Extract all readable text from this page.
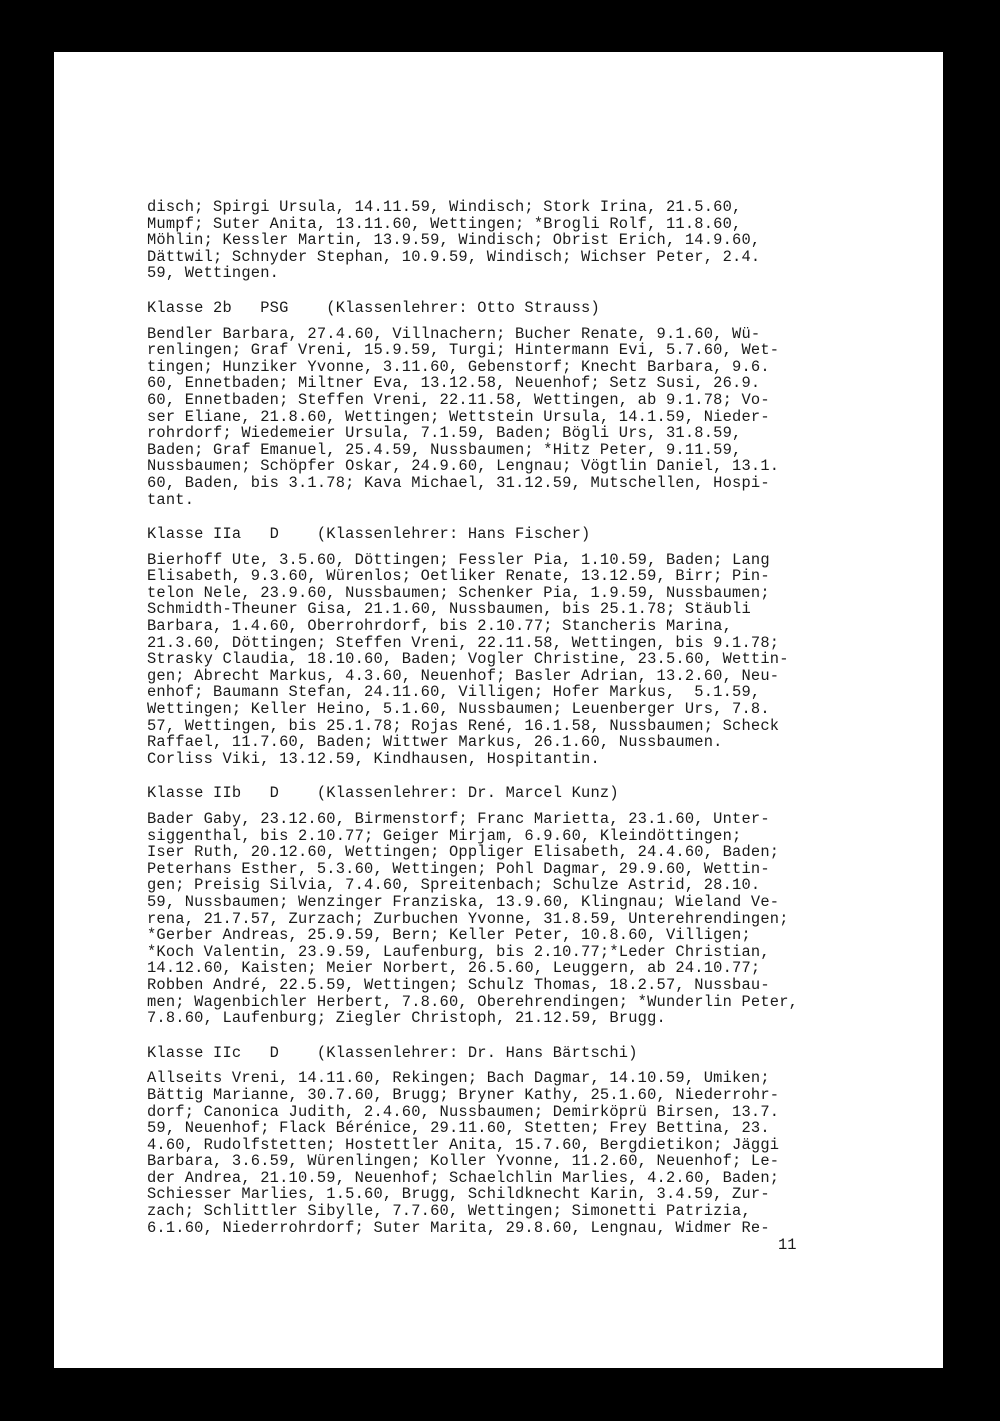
disch; Spirgi Ursula, 14.11.59, Windisch; Stork Irina, 21.5.60,
Mumpf; Suter Anita, 13.11.60, Wettingen; *Brogli Rolf, 11.8.60,
Möhlin; Kessler Martin, 13.9.59, Windisch; Obrist Erich, 14.9.60,
Dättwil; Schnyder Stephan, 10.9.59, Windisch; Wichser Peter, 2.4.
59, Wettingen.
Klasse 2b   PSG    (Klassenlehrer: Otto Strauss)
Bendler Barbara, 27.4.60, Villnachern; Bucher Renate, 9.1.60, Wü-
renlingen; Graf Vreni, 15.9.59, Turgi; Hintermann Evi, 5.7.60, Wet-
tingen; Hunziker Yvonne, 3.11.60, Gebenstorf; Knecht Barbara, 9.6.
60, Ennetbaden; Miltner Eva, 13.12.58, Neuenhof; Setz Susi, 26.9.
60, Ennetbaden; Steffen Vreni, 22.11.58, Wettingen, ab 9.1.78; Vo-
ser Eliane, 21.8.60, Wettingen; Wettstein Ursula, 14.1.59, Nieder-
rohrdorf; Wiedemeier Ursula, 7.1.59, Baden; Bögli Urs, 31.8.59,
Baden; Graf Emanuel, 25.4.59, Nussbaumen; *Hitz Peter, 9.11.59,
Nussbaumen; Schöpfer Oskar, 24.9.60, Lengnau; Vögtlin Daniel, 13.1.
60, Baden, bis 3.1.78; Kava Michael, 31.12.59, Mutschellen, Hospi-
tant.
Klasse IIa   D    (Klassenlehrer: Hans Fischer)
Bierhoff Ute, 3.5.60, Döttingen; Fessler Pia, 1.10.59, Baden; Lang
Elisabeth, 9.3.60, Würenlos; Oetliker Renate, 13.12.59, Birr; Pin-
telon Nele, 23.9.60, Nussbaumen; Schenker Pia, 1.9.59, Nussbaumen;
Schmidth-Theuner Gisa, 21.1.60, Nussbaumen, bis 25.1.78; Stäubli
Barbara, 1.4.60, Oberrohrdorf, bis 2.10.77; Stancheris Marina,
21.3.60, Döttingen; Steffen Vreni, 22.11.58, Wettingen, bis 9.1.78;
Strasky Claudia, 18.10.60, Baden; Vogler Christine, 23.5.60, Wettin-
gen; Abrecht Markus, 4.3.60, Neuenhof; Basler Adrian, 13.2.60, Neu-
enhof; Baumann Stefan, 24.11.60, Villigen; Hofer Markus,  5.1.59,
Wettingen; Keller Heino, 5.1.60, Nussbaumen; Leuenberger Urs, 7.8.
57, Wettingen, bis 25.1.78; Rojas René, 16.1.58, Nussbaumen; Scheck
Raffael, 11.7.60, Baden; Wittwer Markus, 26.1.60, Nussbaumen.
Corliss Viki, 13.12.59, Kindhausen, Hospitantin.
Klasse IIb   D    (Klassenlehrer: Dr. Marcel Kunz)
Bader Gaby, 23.12.60, Birmenstorf; Franc Marietta, 23.1.60, Unter-
siggenthal, bis 2.10.77; Geiger Mirjam, 6.9.60, Kleindöttingen;
Iser Ruth, 20.12.60, Wettingen; Oppliger Elisabeth, 24.4.60, Baden;
Peterhans Esther, 5.3.60, Wettingen; Pohl Dagmar, 29.9.60, Wettin-
gen; Preisig Silvia, 7.4.60, Spreitenbach; Schulze Astrid, 28.10.
59, Nussbaumen; Wenzinger Franziska, 13.9.60, Klingnau; Wieland Ve-
rena, 21.7.57, Zurzach; Zurbuchen Yvonne, 31.8.59, Unterehrendingen;
*Gerber Andreas, 25.9.59, Bern; Keller Peter, 10.8.60, Villigen;
*Koch Valentin, 23.9.59, Laufenburg, bis 2.10.77;*Leder Christian,
14.12.60, Kaisten; Meier Norbert, 26.5.60, Leuggern, ab 24.10.77;
Robben André, 22.5.59, Wettingen; Schulz Thomas, 18.2.57, Nussbau-
men; Wagenbichler Herbert, 7.8.60, Oberehrendingen; *Wunderlin Peter,
7.8.60, Laufenburg; Ziegler Christoph, 21.12.59, Brugg.
Klasse IIc   D    (Klassenlehrer: Dr. Hans Bärtschi)
Allseits Vreni, 14.11.60, Rekingen; Bach Dagmar, 14.10.59, Umiken;
Bättig Marianne, 30.7.60, Brugg; Bryner Kathy, 25.1.60, Niederrohr-
dorf; Canonica Judith, 2.4.60, Nussbaumen; Demirköprü Birsen, 13.7.
59, Neuenhof; Flack Bérénice, 29.11.60, Stetten; Frey Bettina, 23.
4.60, Rudolfstetten; Hostettler Anita, 15.7.60, Bergdietikon; Jäggi
Barbara, 3.6.59, Würenlingen; Koller Yvonne, 11.2.60, Neuenhof; Le-
der Andrea, 21.10.59, Neuenhof; Schaelchlin Marlies, 4.2.60, Baden;
Schiesser Marlies, 1.5.60, Brugg, Schildknecht Karin, 3.4.59, Zur-
zach; Schlittler Sibylle, 7.7.60, Wettingen; Simonetti Patrizia,
6.1.60, Niederrohrdorf; Suter Marita, 29.8.60, Lengnau, Widmer Re-
11
